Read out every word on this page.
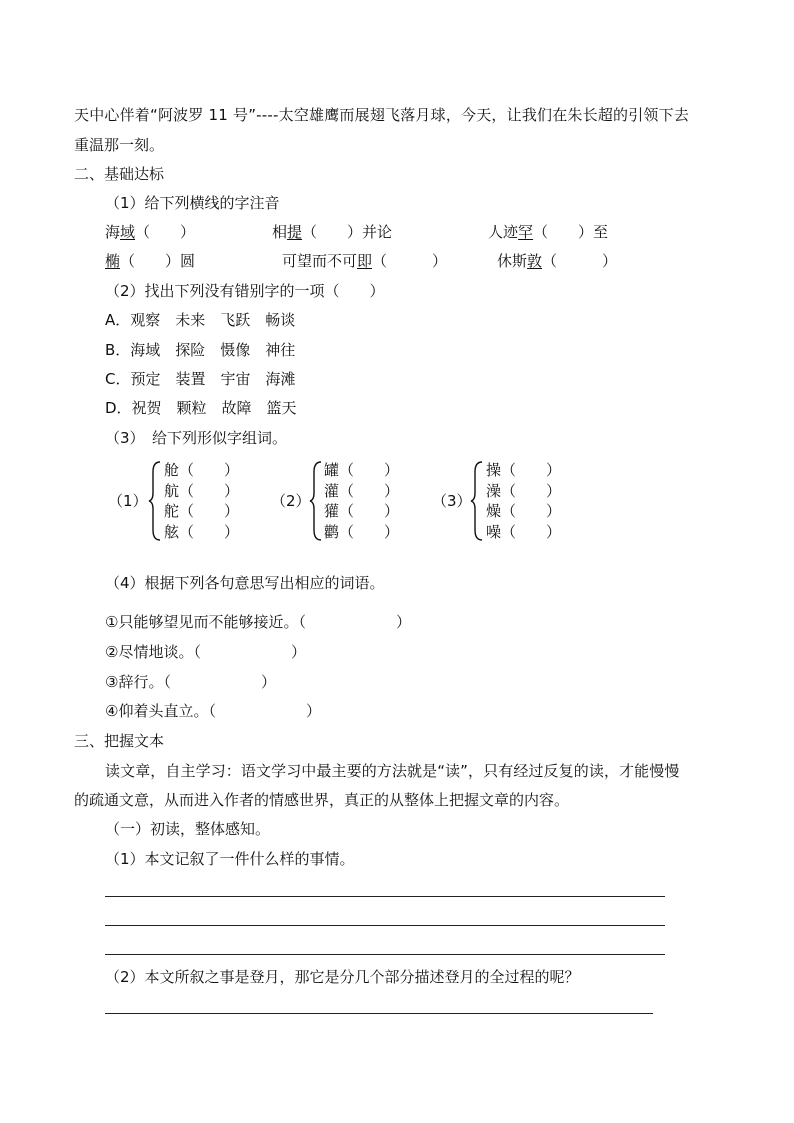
天中心伴着“阿波罗 11 号”----太空雄鹰而展翅飞落月球，今天，让我们在朱长超的引领下去
重温那一刻。
二、基础达标
（1）给下列横线的字注音
海域（　　）	相提（　　）并论	人迹罕（　　）至
椭（　　）圆	可望而不可即（　　　）	休斯敦（　　　）
（2）找出下列没有错别字的一项（　　）
A．观察　未来　飞跃　畅谈
B．海域　探险　慑像　神往
C．预定　装置　宇宙　海滩
D．祝贺　颗粒　故障　篮天
（3）　给下列形似字组词。
（1）
舱（　　）
航（　　）
舵（　　）
舷（　　）
（2）
罐（　　）
灌（　　）
獾（　　）
鹳（　　）
（3）
操（　　）
澡（　　）
燥（　　）
噪（　　）
（4）根据下列各句意思写出相应的词语。
①只能够望见而不能够接近。（　　　　　　）
②尽情地谈。（　　　　　　）
③辞行。（　　　　　　）
④仰着头直立。（　　　　　　）
三、把握文本
读文章，自主学习：语文学习中最主要的方法就是“读”，只有经过反复的读，才能慢慢
的疏通文意，从而进入作者的情感世界，真正的从整体上把握文章的内容。
（一）初读，整体感知。
（1）本文记叙了一件什么样的事情。
（2）本文所叙之事是登月，那它是分几个部分描述登月的全过程的呢？
